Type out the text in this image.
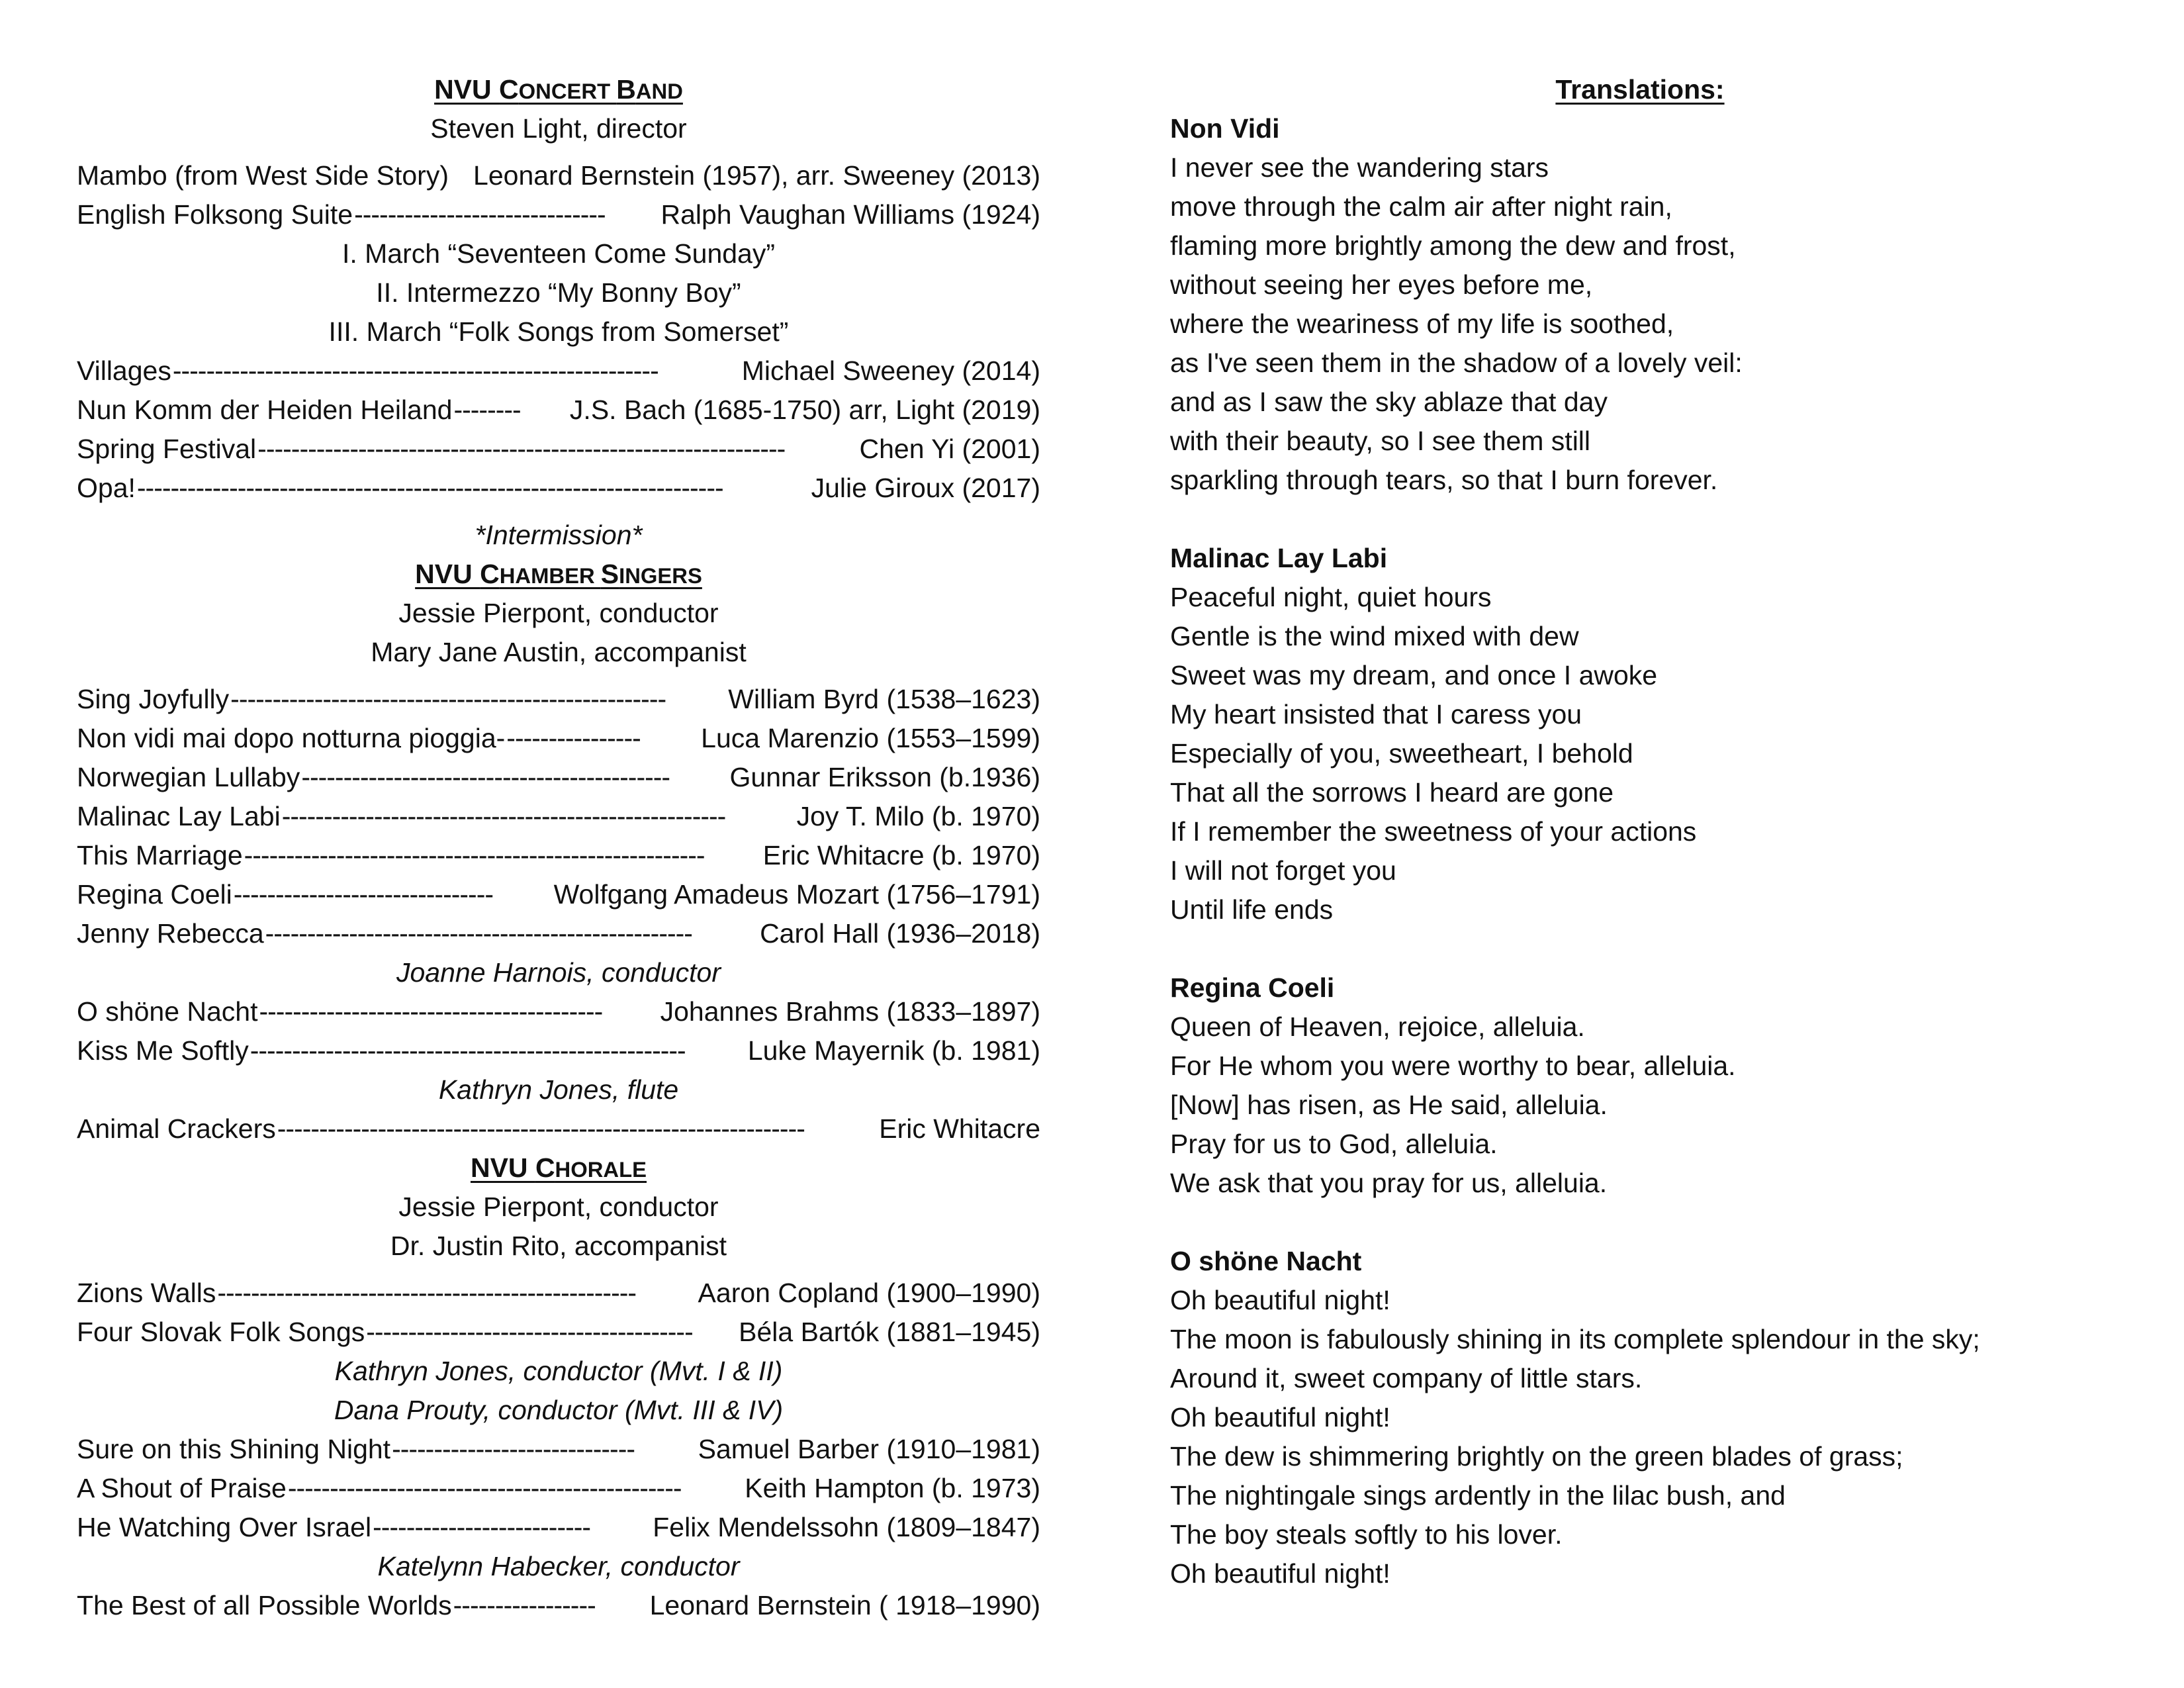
NVU CONCERT BAND
Steven Light, director
Mambo (from West Side Story) Leonard Bernstein (1957), arr. Sweeney (2013)
English Folksong Suite ------------------------------	Ralph Vaughan Williams (1924)
I. March “Seventeen Come Sunday”
II. Intermezzo “My Bonny Boy”
III. March “Folk Songs from Somerset”
Villages ----------------------------------------------------------	Michael Sweeney (2014)
Nun Komm der Heiden Heiland --------	J.S. Bach (1685-1750) arr, Light (2019)
Spring Festival ---------------------------------------------------------------	Chen Yi (2001)
Opa! ----------------------------------------------------------------------	Julie Giroux (2017)
*Intermission*
NVU CHAMBER SINGERS
Jessie Pierpont, conductor
Mary Jane Austin, accompanist
Sing Joyfully ----------------------------------------------------	William Byrd (1538–1623)
Non vidi mai dopo notturna pioggia- ----------------	Luca Marenzio (1553–1599)
Norwegian Lullaby --------------------------------------------	Gunnar Eriksson (b.1936)
Malinac Lay Labi -----------------------------------------------------	Joy T. Milo (b. 1970)
This Marriage -------------------------------------------------------	Eric Whitacre (b. 1970)
Regina Coeli -------------------------------	Wolfgang Amadeus Mozart (1756–1791)
Jenny Rebecca ---------------------------------------------------	Carol Hall (1936–2018)
Joanne Harnois, conductor
O shöne Nacht -----------------------------------------	Johannes Brahms (1833–1897)
Kiss Me Softly ----------------------------------------------------	Luke Mayernik (b. 1981)
Kathryn Jones, flute
Animal Crackers ---------------------------------------------------------------	Eric Whitacre
NVU CHORALE
Jessie Pierpont, conductor
Dr. Justin Rito, accompanist
Zions Walls --------------------------------------------------	Aaron Copland (1900–1990)
Four Slovak Folk Songs ---------------------------------------	Béla Bartók (1881–1945)
Kathryn Jones, conductor (Mvt. I & II)
Dana Prouty, conductor (Mvt. III & IV)
Sure on this Shining Night -----------------------------	Samuel Barber (1910–1981)
A Shout of Praise -----------------------------------------------	Keith Hampton (b. 1973)
He Watching Over Israel --------------------------	Felix Mendelssohn (1809–1847)
Katelynn Habecker, conductor
The Best of all Possible Worlds -----------------	Leonard Bernstein ( 1918–1990)
Translations:
Non Vidi
I never see the wandering stars
move through the calm air after night rain,
flaming more brightly among the dew and frost,
without seeing her eyes before me,
where the weariness of my life is soothed,
as I've seen them in the shadow of a lovely veil:
and as I saw the sky ablaze that day
with their beauty, so I see them still
sparkling through tears, so that I burn forever.
Malinac Lay Labi
Peaceful night, quiet hours
Gentle is the wind mixed with dew
Sweet was my dream, and once I awoke
My heart insisted that I caress you
Especially of you, sweetheart, I behold
That all the sorrows I heard are gone
If I remember the sweetness of your actions
I will not forget you
Until life ends
Regina Coeli
Queen of Heaven, rejoice, alleluia.
For He whom you were worthy to bear, alleluia.
[Now] has risen, as He said, alleluia.
Pray for us to God, alleluia.
We ask that you pray for us, alleluia.
O shöne Nacht
Oh beautiful night!
The moon is fabulously shining in its complete splendour in the sky;
Around it, sweet company of little stars.
Oh beautiful night!
The dew is shimmering brightly on the green blades of grass;
The nightingale sings ardently in the lilac bush, and
The boy steals softly to his lover.
Oh beautiful night!
